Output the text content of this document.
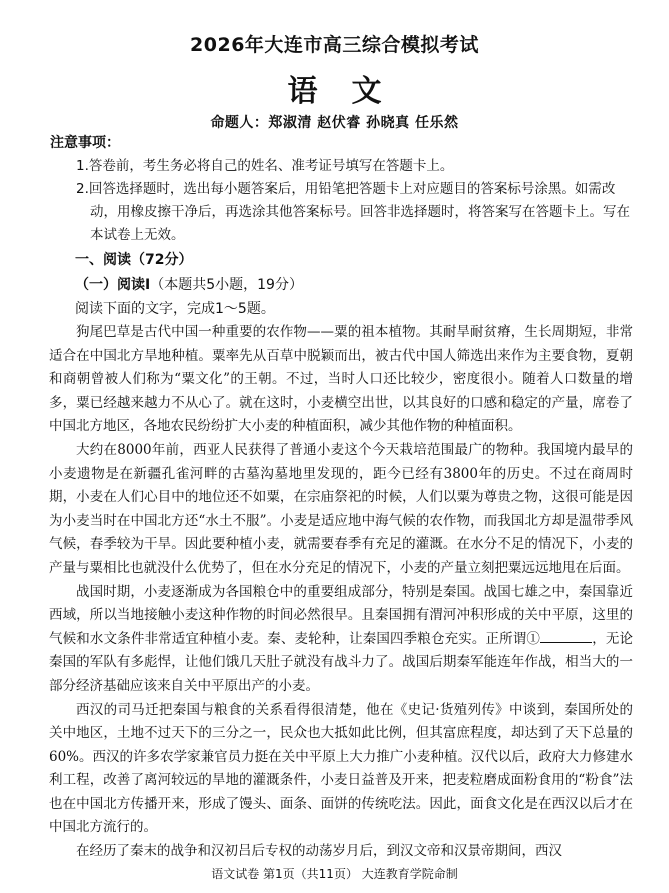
2026年大连市高三综合模拟考试
语文
命题人：郑淑清 赵伏睿 孙晓真 任乐然
注意事项：

1.答卷前，考生务必将自己的姓名、准考证号填写在答题卡上。

2.回答选择题时，选出每小题答案后，用铅笔把答题卡上对应题目的答案标号涂黑。如需改动，用橡皮擦干净后，再选涂其他答案标号。回答非选择题时，将答案写在答题卡上。写在本试卷上无效。

一、阅读（72分）
（一）阅读Ⅰ（本题共5小题，19分）
阅读下面的文字，完成1～5题。

狗尾巴草是古代中国一种重要的农作物——粟的祖本植物。其耐旱耐贫瘠，生长周期短，非常适合在中国北方旱地种植。粟率先从百草中脱颖而出，被古代中国人筛选出来作为主要食物，夏朝和商朝曾被人们称为“粟文化”的王朝。不过，当时人口还比较少，密度很小。随着人口数量的增多，粟已经越来越力不从心了。就在这时，小麦横空出世，以其良好的口感和稳定的产量，席卷了中国北方地区，各地农民纷纷扩大小麦的种植面积，减少其他作物的种植面积。

大约在8000年前，西亚人民获得了普通小麦这个今天栽培范围最广的物种。我国境内最早的小麦遗物是在新疆孔雀河畔的古墓沟墓地里发现的，距今已经有3800年的历史。不过在商周时期，小麦在人们心目中的地位还不如粟，在宗庙祭祀的时候，人们以粟为尊贵之物，这很可能是因为小麦当时在中国北方还“水土不服”。小麦是适应地中海气候的农作物，而我国北方却是温带季风气候，春季较为干旱。因此要种植小麦，就需要春季有充足的灌溉。在水分不足的情况下，小麦的产量与粟相比也就没什么优势了，但在水分充足的情况下，小麦的产量立刻把粟远远地甩在后面。

战国时期，小麦逐渐成为各国粮仓中的重要组成部分，特别是秦国。战国七雄之中，秦国靠近西域，所以当地接触小麦这种作物的时间必然很早。且秦国拥有渭河冲积形成的关中平原，这里的气候和水文条件非常适宜种植小麦。秦、麦轮种，让秦国四季粮仓充实。正所谓①	，无论秦国的军队有多彪悍，让他们饿几天肚子就没有战斗力了。战国后期秦军能连年作战，相当大的一部分经济基础应该来自关中平原出产的小麦。

西汉的司马迁把秦国与粮食的关系看得很清楚，他在《史记·货殖列传》中谈到，秦国所处的关中地区，土地不过天下的三分之一，民众也大抵如此比例，但其富庶程度，却达到了天下总量的60%。西汉的许多农学家兼官员力挺在关中平原上大力推广小麦种植。汉代以后，政府大力修建水利工程，改善了离河较远的旱地的灌溉条件，小麦日益普及开来，把麦粒磨成面粉食用的“粉食”法也在中国北方传播开来，形成了馒头、面条、面饼的传统吃法。因此，面食文化是在西汉以后才在中国北方流行的。

在经历了秦末的战争和汉初吕后专权的动荡岁月后，到汉文帝和汉景帝期间，西汉

语文试卷 第1页（共11页） 大连教育学院命制
